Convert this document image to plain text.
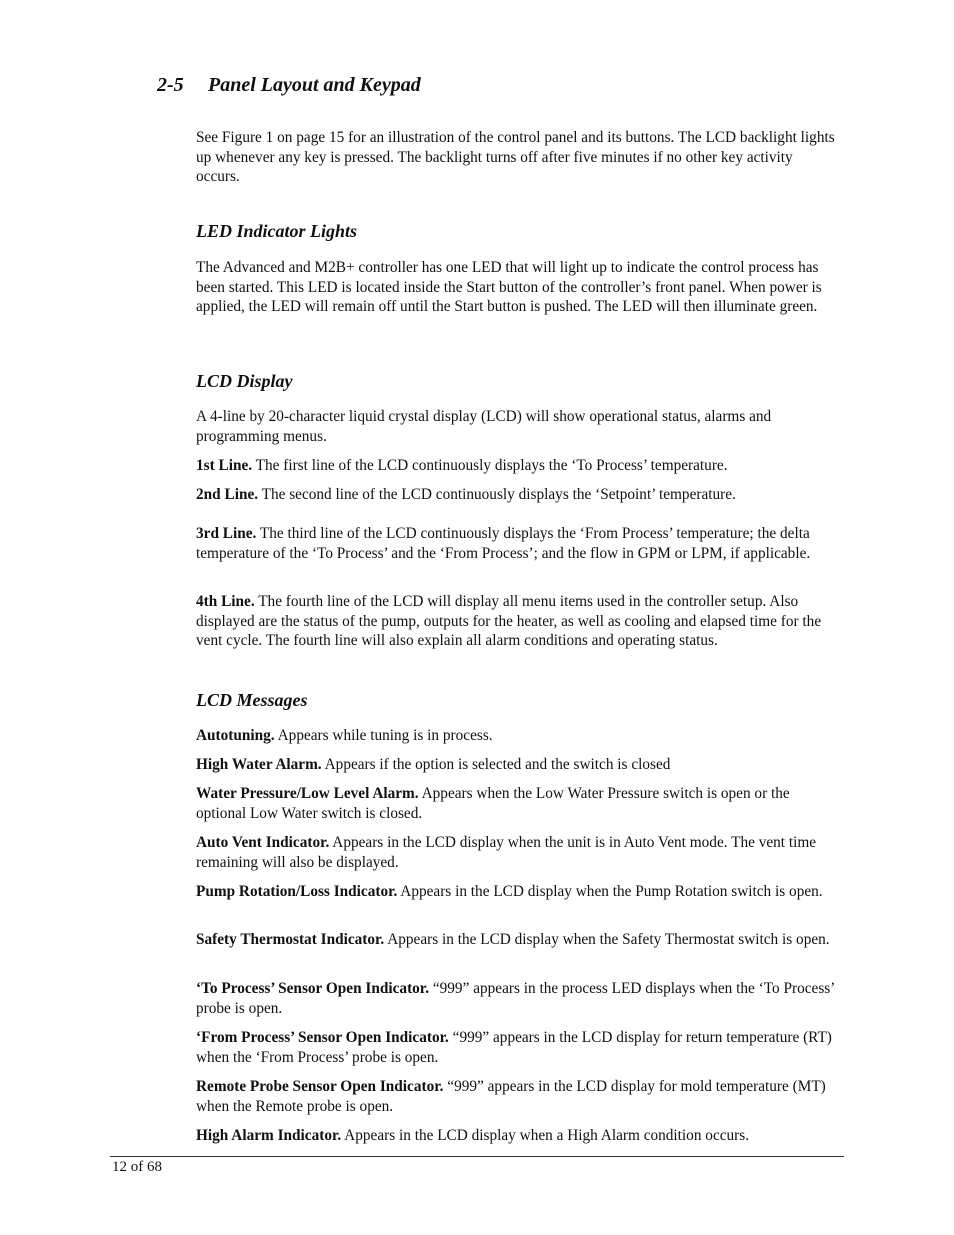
2-5 Panel Layout and Keypad

See Figure 1 on page 15 for an illustration of the control panel and its buttons. The LCD backlight lights up whenever any key is pressed. The backlight turns off after five minutes if no other key activity occurs.

LED Indicator Lights

The Advanced and M2B+ controller has one LED that will light up to indicate the control process has been started. This LED is located inside the Start button of the controller’s front panel. When power is applied, the LED will remain off until the Start button is pushed. The LED will then illuminate green.

LCD Display

A 4-line by 20-character liquid crystal display (LCD) will show operational status, alarms and programming menus.

1st Line. The first line of the LCD continuously displays the ‘To Process’ temperature.

2nd Line. The second line of the LCD continuously displays the ‘Setpoint’ temperature.

3rd Line. The third line of the LCD continuously displays the ‘From Process’ temperature; the delta temperature of the ‘To Process’ and the ‘From Process’; and the flow in GPM or LPM, if applicable.

4th Line. The fourth line of the LCD will display all menu items used in the controller setup. Also displayed are the status of the pump, outputs for the heater, as well as cooling and elapsed time for the vent cycle. The fourth line will also explain all alarm conditions and operating status.

LCD Messages

Autotuning. Appears while tuning is in process.

High Water Alarm. Appears if the option is selected and the switch is closed

Water Pressure/Low Level Alarm. Appears when the Low Water Pressure switch is open or the optional Low Water switch is closed.

Auto Vent Indicator. Appears in the LCD display when the unit is in Auto Vent mode. The vent time remaining will also be displayed.

Pump Rotation/Loss Indicator. Appears in the LCD display when the Pump Rotation switch is open.

Safety Thermostat Indicator. Appears in the LCD display when the Safety Thermostat switch is open.

‘To Process’ Sensor Open Indicator. “999” appears in the process LED displays when the ‘To Process’ probe is open.

‘From Process’ Sensor Open Indicator. “999” appears in the LCD display for return temperature (RT) when the ‘From Process’ probe is open.

Remote Probe Sensor Open Indicator. “999” appears in the LCD display for mold temperature (MT) when the Remote probe is open.

High Alarm Indicator. Appears in the LCD display when a High Alarm condition occurs.

12 of 68
